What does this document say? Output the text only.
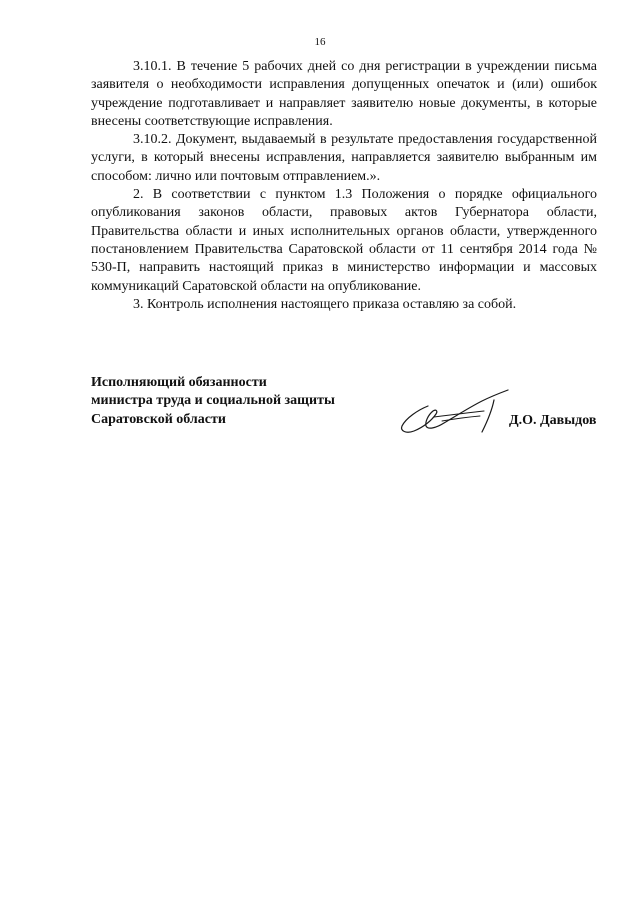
16

3.10.1. В течение 5 рабочих дней со дня регистрации в учреждении письма заявителя о необходимости исправления допущенных опечаток и (или) ошибок учреждение подготавливает и направляет заявителю новые документы, в которые внесены соответствующие исправления.

3.10.2. Документ, выдаваемый в результате предоставления государственной услуги, в который внесены исправления, направляется заявителю выбранным им способом: лично или почтовым отправлением.».

2. В соответствии с пунктом 1.3 Положения о порядке официального опубликования законов области, правовых актов Губернатора области, Правительства области и иных исполнительных органов области, утвержденного постановлением Правительства Саратовской области от 11 сентября 2014 года № 530-П, направить настоящий приказ в министерство информации и массовых коммуникаций Саратовской области на опубликование.

3. Контроль исполнения настоящего приказа оставляю за собой.

Исполняющий обязанности
министра труда и социальной защиты
Саратовской области	Д.О. Давыдов
